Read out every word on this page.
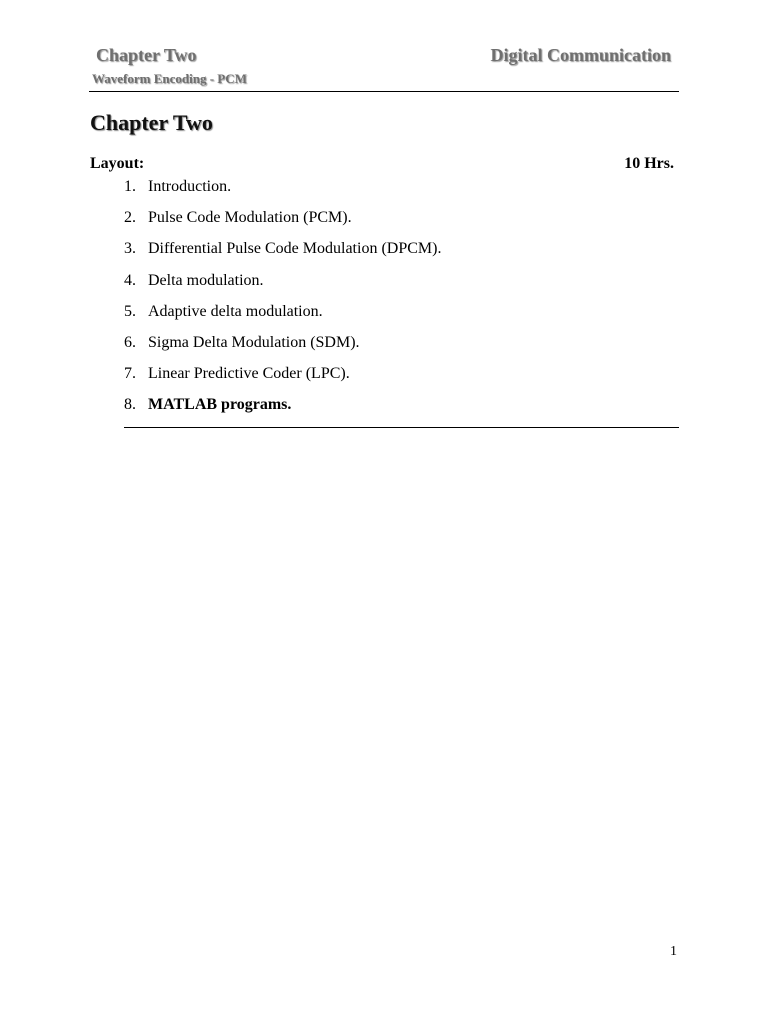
Chapter Two
Waveform Encoding - PCM
Digital Communication
Chapter Two
Layout:	10 Hrs.
1. Introduction.
2. Pulse Code Modulation (PCM).
3. Differential Pulse Code Modulation (DPCM).
4. Delta modulation.
5. Adaptive delta modulation.
6. Sigma Delta Modulation (SDM).
7. Linear Predictive Coder (LPC).
8. MATLAB programs.
1
